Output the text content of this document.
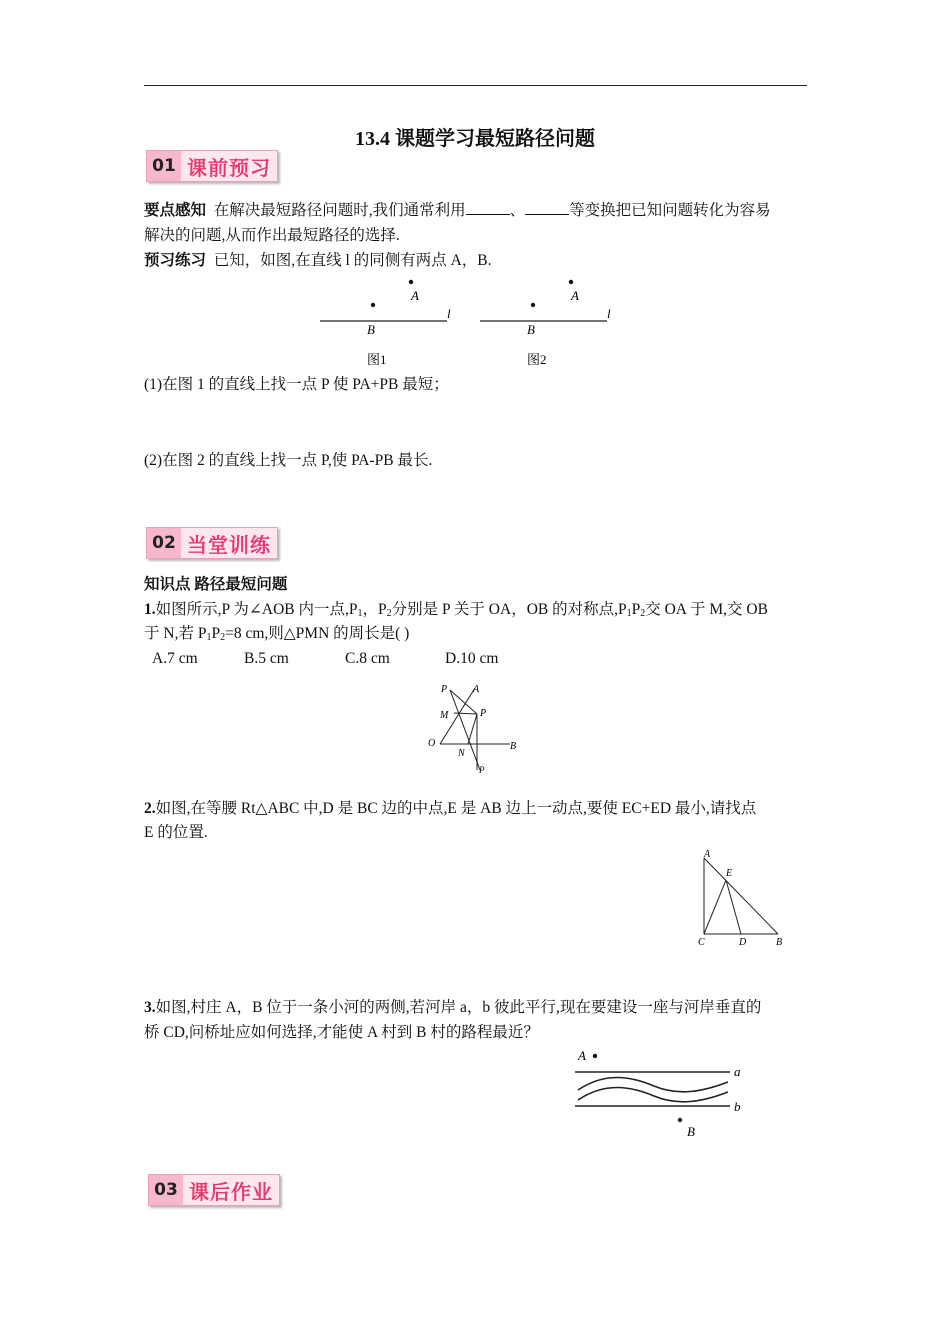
13.4 课题学习最短路径问题
01 课前预习
要点感知 在解决最短路径问题时,我们通常利用	、	等变换把已知问题转化为容易
解决的问题,从而作出最短路径的选择.
预习练习 已知，如图,在直线 l 的同侧有两点 A，B.
A
B
l
图1
A
B
l
图2
(1)在图 1 的直线上找一点 P 使 PA+PB 最短；
(2)在图 2 的直线上找一点 P,使 PA-PB 最长.
02 当堂训练
知识点 路径最短问题
1.如图所示,P 为∠AOB 内一点$,P_1$，$P_2$分别是 P 关于 OA，OB 的对称点$,P_1P_2$交 OA 于 M,交 OB
于 N,若 $P_1P_2=8$ cm,则△PMN 的周长是( )
A.7 cm	B.5 cm	C.8 cm	D.10 cm
P	A
M	P
O
N
B
P
2.如图,在等腰 Rt△ABC 中,D 是 BC 边的中点,E 是 AB 边上一动点,要使 EC+ED 最小,请找点
E 的位置.
A
E
C	D	B
3.如图,村庄 A，B 位于一条小河的两侧,若河岸 a，b 彼此平行,现在要建设一座与河岸垂直的
桥 CD,问桥址应如何选择,才能使 A 村到 B 村的路程最近？
A
a
b
B
03 课后作业
